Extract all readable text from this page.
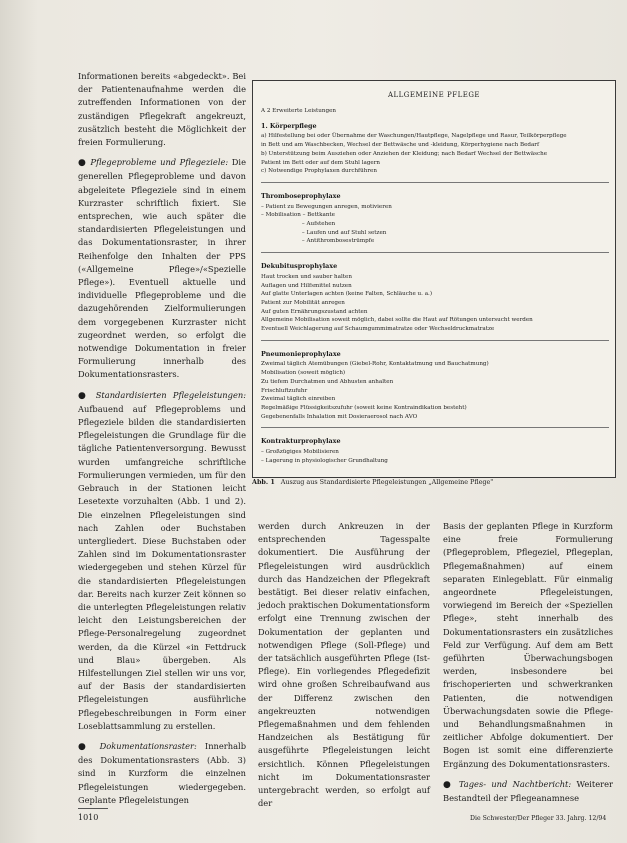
Informationen bereits «abgedeckt». Bei der Patientenaufnahme werden die zutreffenden Informationen von der zuständigen Pflegekraft angekreuzt, zusätzlich besteht die Möglichkeit der freien Formulierung.

● Pflegeprobleme und Pflegeziele: Die generellen Pflegeprobleme und davon abgeleitete Pflegeziele sind in einem Kurzraster schriftlich fixiert. Sie entsprechen, wie auch später die standardisierten Pflegeleistungen und das Dokumentationsraster, in ihrer Reihenfolge den Inhalten der PPS («Allgemeine Pflege»/«Spezielle Pflege»). Eventuell aktuelle und individuelle Pflegeprobleme und die dazugehörenden Zielformulierungen dem vorgegebenen Kurzraster nicht zugeordnet werden, so erfolgt die notwendige Dokumentation in freier Formulierung innerhalb des Dokumentationsrasters.

● Standardisierten Pflegeleistungen: Aufbauend auf Pflegeproblems und Pflegeziele bilden die standardisierten Pflegeleistungen die Grundlage für die tägliche Patientenversorgung. Bewusst wurden umfangreiche schriftliche Formulierungen vermieden, um für den Gebrauch in der Stationen leicht Lesetexte vorzuhalten (Abb. 1 und 2). Die einzelnen Pflegeleistungen sind nach Zahlen oder Buchstaben untergliedert. Diese Buchstaben oder Zahlen sind im Dokumentationsraster wiedergegeben und stehen Kürzel für die standardisierten Pflegeleistungen dar. Bereits nach kurzer Zeit können so die unterlegten Pflegeleistungen relativ leicht den Leistungsbereichen der Pflege-Personalregelung zugeordnet werden, da die Kürzel «in Fettdruck und Blau» übergeben. Als Hilfestellungen Ziel stellen wir uns vor, auf der Basis der standardisierten Pflegeleistungen ausführliche Pflegebeschreibungen in Form einer Loseblattsammlung zu erstellen.

● Dokumentationsraster: Innerhalb des Dokumentationsrasters (Abb. 3) sind in Kurzform die einzelnen Pflegeleistungen wiedergegeben. Geplante Pflegeleistungen

ALLGEMEINE PFLEGE
A 2 Erweiterte Leistungen
1. Körperpflege
a) Hilfestellung bei oder Übernahme der Waschungen/Hautpflege, Nagelpflege und Rasur, Teilkörperpflege
in Bett und am Waschbecken, Wechsel der Bettwäsche und -kleidung, Körperhygiene nach Bedarf
b) Unterstützung beim Ausziehen oder Anziehen der Kleidung; nach Bedarf Wechsel der Bettwäsche
Patient im Bett oder auf dem Stuhl lagern
c) Notwendige Prophylaxen durchführen
Thromboseprophylaxe
– Patient zu Bewegungen anregen, motivieren
– Mobilisation – Bettkante
– Aufstehen
– Laufen und auf Stuhl setzen
– Antithrombosestrümpfe
Dekubitusprophylaxe
Haut trocken und sauber halten
Auflagen und Hilfsmittel nutzen
Auf glatte Unterlagen achten (keine Falten, Schläuche u. a.)
Patient zur Mobilität anregen
Auf guten Ernährungszustand achten
Allgemeine Mobilisation soweit möglich, dabei sollte die Haut auf Rötungen untersucht werden
Eventuell Weichlagerung auf Schaumgummimatratze oder Wechseldruckmatratze
Pneumonieprophylaxe
Zweimal täglich Atemübungen (Giebel-Rohr, Kontaktatmung und Bauchatmung)
Mobilisation (soweit möglich)
Zu tiefem Durchatmen und Abhusten anhalten
Frischluftzufuhr
Zweimal täglich einreiben
Regelmäßige Flüssigkeitszufuhr (soweit keine Kontraindikation besteht)
Gegebenenfalls Inhalation mit Dosieraerosol nach AVO
Kontrakturprophylaxe
– Großzügiges Mobilisieren
– Lagerung in physiologischer Grundhaltung
Abb. 1 Auszug aus Standardisierte Pflegeleistungen „Allgemeine Pflege"

werden durch Ankreuzen in der entsprechenden Tagesspalte dokumentiert. Die Ausführung der Pflegeleistungen wird ausdrücklich durch das Handzeichen der Pflegekraft bestätigt. Bei dieser relativ einfachen, jedoch praktischen Dokumentationsform erfolgt eine Trennung zwischen der Dokumentation der geplanten und notwendigen Pflege (Soll-Pflege) und der tatsächlich ausgeführten Pflege (Ist-Pflege). Ein vorliegendes Pflegedefizit wird ohne großen Schreibaufwand aus der Differenz zwischen den angekreuzten notwendigen Pflegemaßnahmen und dem fehlenden Handzeichen als Bestätigung für ausgeführte Pflegeleistungen leicht ersichtlich. Können Pflegeleistungen nicht im Dokumentationsraster untergebracht werden, so erfolgt auf der

Basis der geplanten Pflege in Kurzform eine freie Formulierung (Pflegeproblem, Pflegeziel, Pflegeplan, Pflegemaßnahmen) auf einem separaten Einlegeblatt. Für einmalig angeordnete Pflegeleistungen, vorwiegend im Bereich der «Speziellen Pflege», steht innerhalb des Dokumentationsrasters ein zusätzliches Feld zur Verfügung. Auf dem am Bett geführten Überwachungsbogen werden, insbesondere bei frischoperierten und schwerkranken Patienten, die notwendigen Überwachungsdaten sowie die Pflege- und Behandlungsmaßnahmen in zeitlicher Abfolge dokumentiert. Der Bogen ist somit eine differenzierte Ergänzung des Dokumentationsrasters.

● Tages- und Nachtbericht: Weiterer Bestandteil der Pflegeanamnese

1010	Die Schwester/Der Pfleger 33. Jahrg. 12/94
